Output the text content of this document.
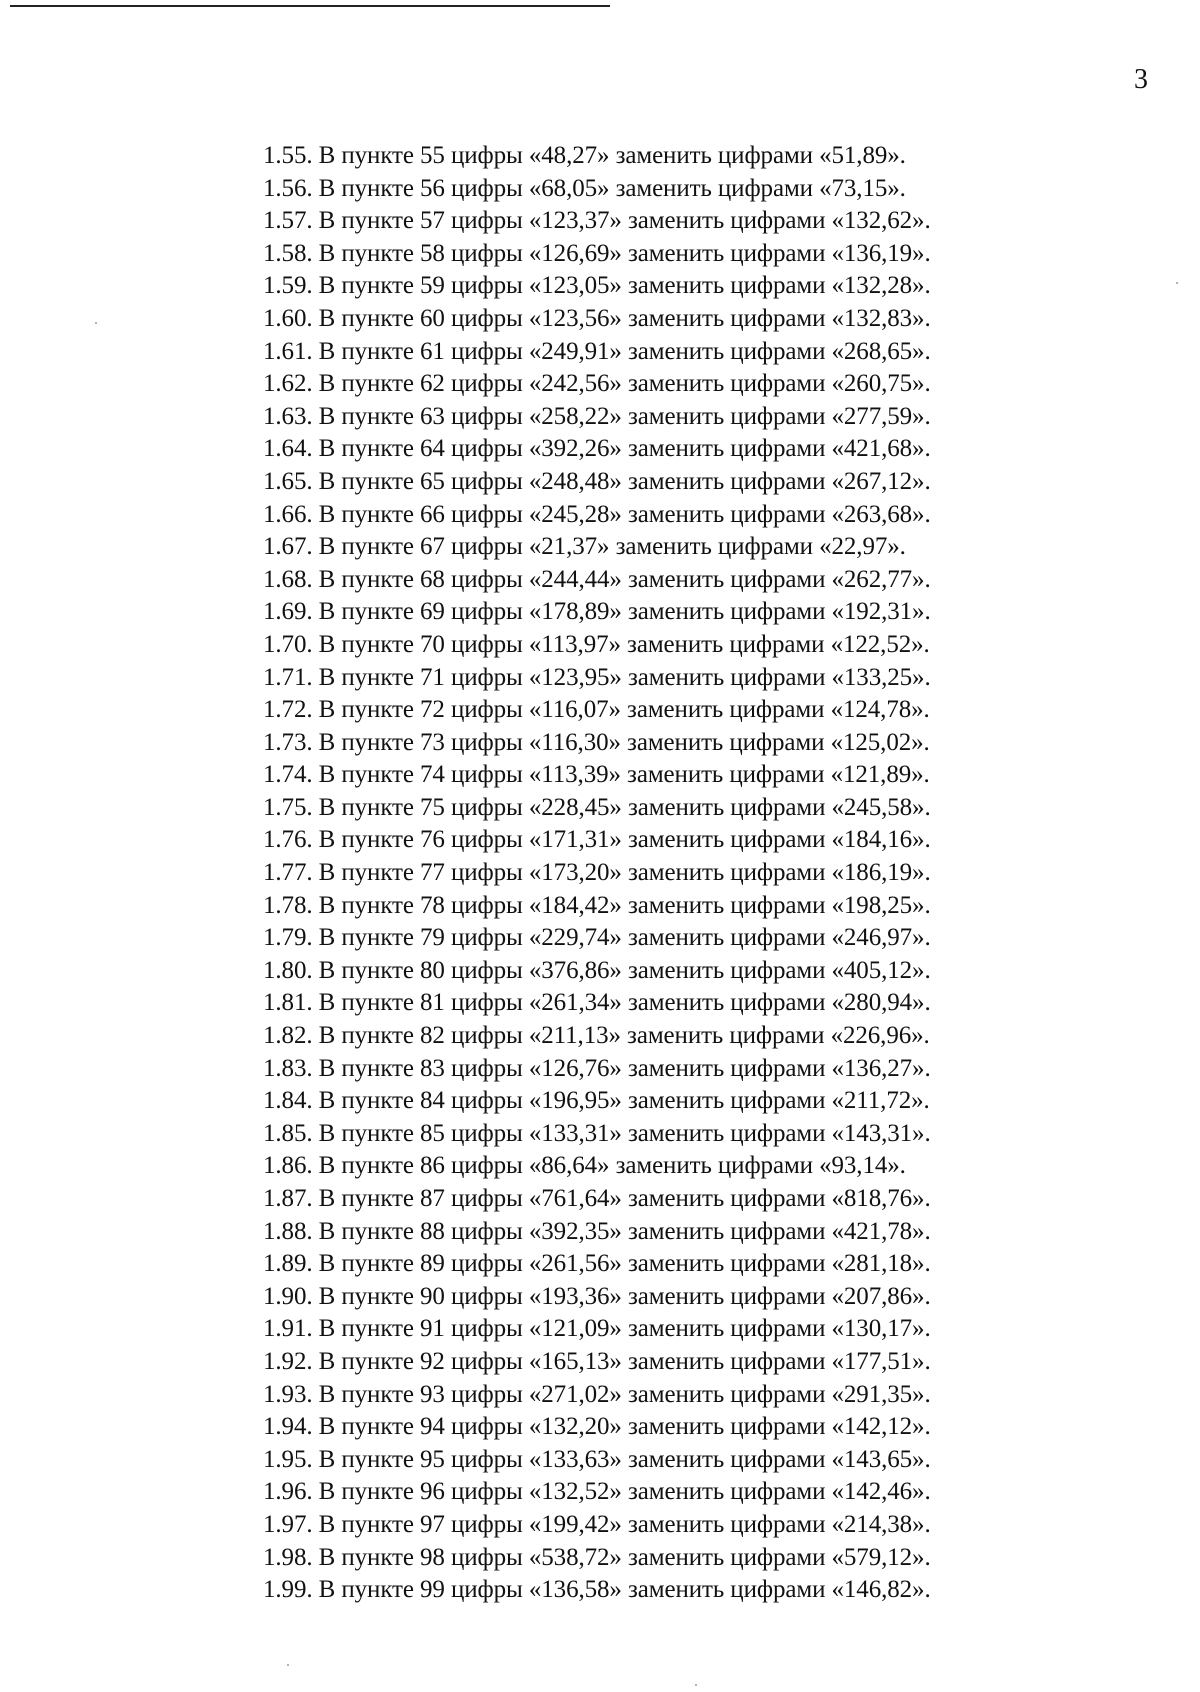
3
1.55. В пункте 55 цифры «48,27» заменить цифрами «51,89».
1.56. В пункте 56 цифры «68,05» заменить цифрами «73,15».
1.57. В пункте 57 цифры «123,37» заменить цифрами «132,62».
1.58. В пункте 58 цифры «126,69» заменить цифрами «136,19».
1.59. В пункте 59 цифры «123,05» заменить цифрами «132,28».
1.60. В пункте 60 цифры «123,56» заменить цифрами «132,83».
1.61. В пункте 61 цифры «249,91» заменить цифрами «268,65».
1.62. В пункте 62 цифры «242,56» заменить цифрами «260,75».
1.63. В пункте 63 цифры «258,22» заменить цифрами «277,59».
1.64. В пункте 64 цифры «392,26» заменить цифрами «421,68».
1.65. В пункте 65 цифры «248,48» заменить цифрами «267,12».
1.66. В пункте 66 цифры «245,28» заменить цифрами «263,68».
1.67. В пункте 67 цифры «21,37» заменить цифрами «22,97».
1.68. В пункте 68 цифры «244,44» заменить цифрами «262,77».
1.69. В пункте 69 цифры «178,89» заменить цифрами «192,31».
1.70. В пункте 70 цифры «113,97» заменить цифрами «122,52».
1.71. В пункте 71 цифры «123,95» заменить цифрами «133,25».
1.72. В пункте 72 цифры «116,07» заменить цифрами «124,78».
1.73. В пункте 73 цифры «116,30» заменить цифрами «125,02».
1.74. В пункте 74 цифры «113,39» заменить цифрами «121,89».
1.75. В пункте 75 цифры «228,45» заменить цифрами «245,58».
1.76. В пункте 76 цифры «171,31» заменить цифрами «184,16».
1.77. В пункте 77 цифры «173,20» заменить цифрами «186,19».
1.78. В пункте 78 цифры «184,42» заменить цифрами «198,25».
1.79. В пункте 79 цифры «229,74» заменить цифрами «246,97».
1.80. В пункте 80 цифры «376,86» заменить цифрами «405,12».
1.81. В пункте 81 цифры «261,34» заменить цифрами «280,94».
1.82. В пункте 82 цифры «211,13» заменить цифрами «226,96».
1.83. В пункте 83 цифры «126,76» заменить цифрами «136,27».
1.84. В пункте 84 цифры «196,95» заменить цифрами «211,72».
1.85. В пункте 85 цифры «133,31» заменить цифрами «143,31».
1.86. В пункте 86 цифры «86,64» заменить цифрами «93,14».
1.87. В пункте 87 цифры «761,64» заменить цифрами «818,76».
1.88. В пункте 88 цифры «392,35» заменить цифрами «421,78».
1.89. В пункте 89 цифры «261,56» заменить цифрами «281,18».
1.90. В пункте 90 цифры «193,36» заменить цифрами «207,86».
1.91. В пункте 91 цифры «121,09» заменить цифрами «130,17».
1.92. В пункте 92 цифры «165,13» заменить цифрами «177,51».
1.93. В пункте 93 цифры «271,02» заменить цифрами «291,35».
1.94. В пункте 94 цифры «132,20» заменить цифрами «142,12».
1.95. В пункте 95 цифры «133,63» заменить цифрами «143,65».
1.96. В пункте 96 цифры «132,52» заменить цифрами «142,46».
1.97. В пункте 97 цифры «199,42» заменить цифрами «214,38».
1.98. В пункте 98 цифры «538,72» заменить цифрами «579,12».
1.99. В пункте 99 цифры «136,58» заменить цифрами «146,82».
